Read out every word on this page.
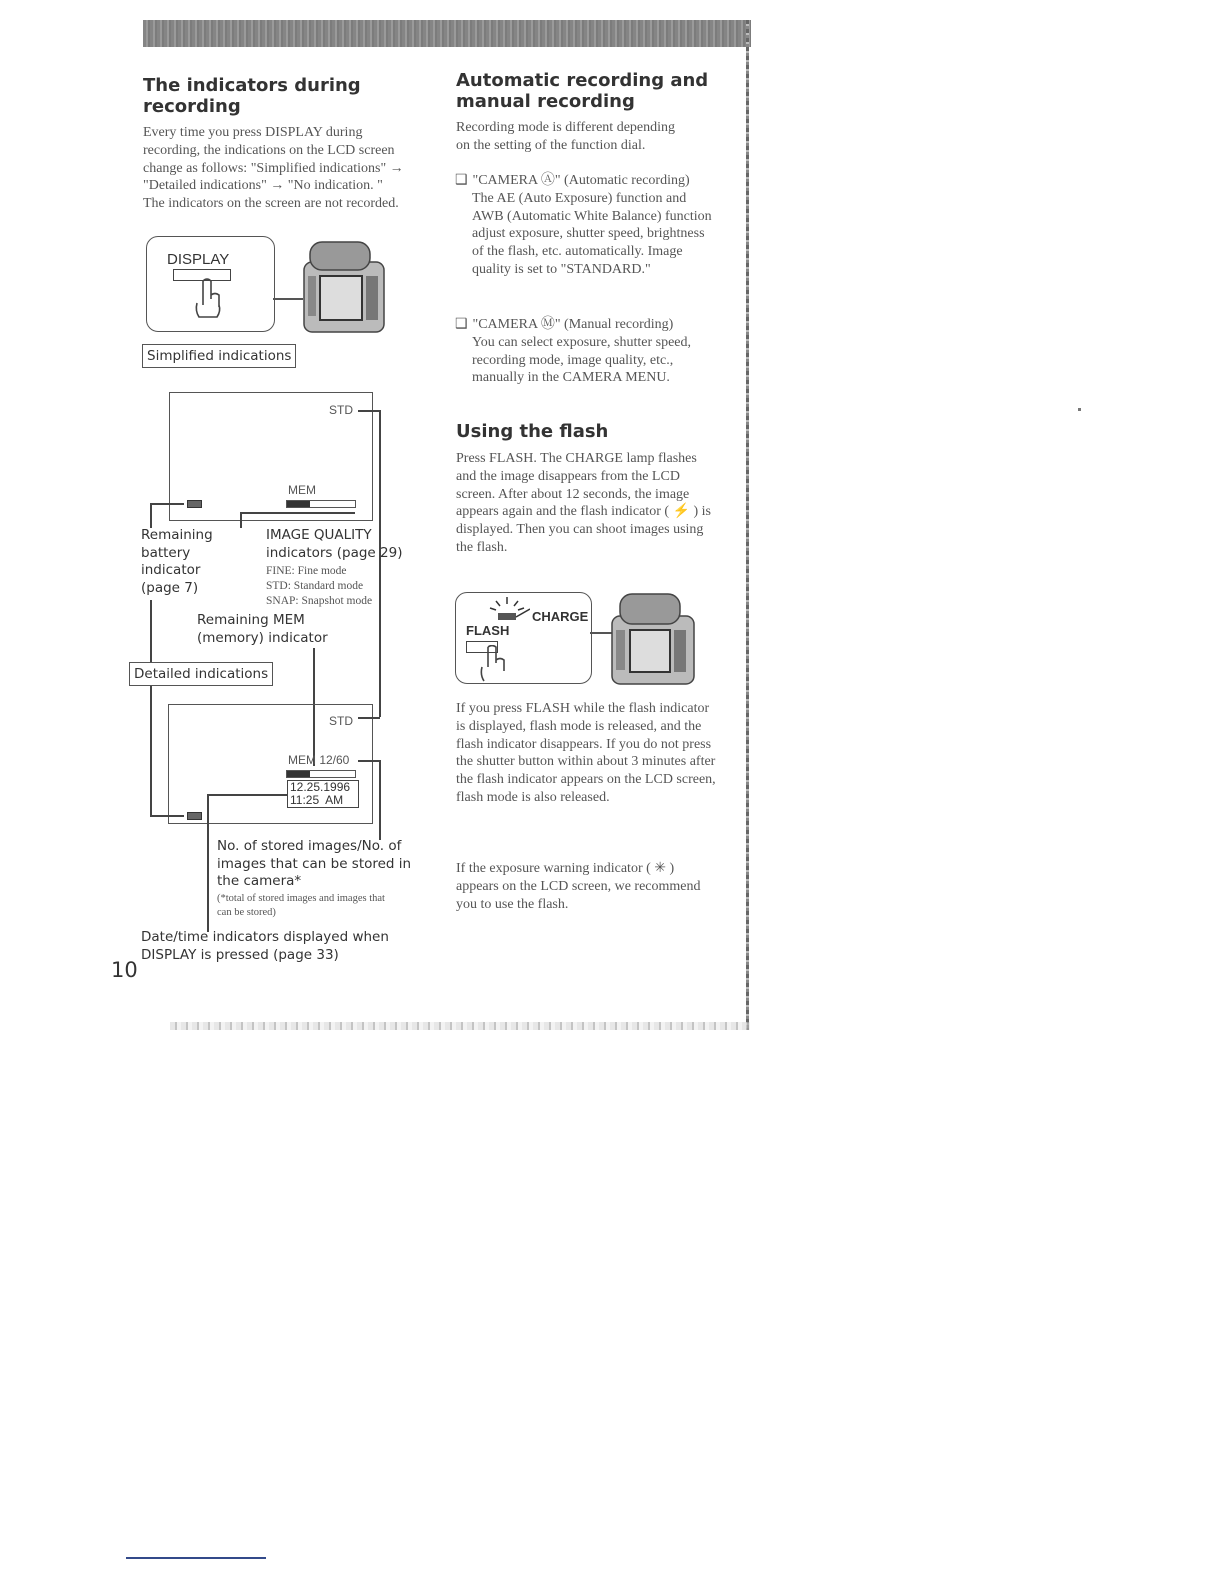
The indicators during recording
Every time you press DISPLAY during recording, the indications on the LCD screen change as follows: "Simplified indications" → "Detailed indications" → "No indication. " The indicators on the screen are not recorded.
DISPLAY
Simplified indications
STD
MEM
Remaining battery indicator (page 7)
IMAGE QUALITY indicators (page 29)
FINE: Fine mode
STD: Standard mode
SNAP: Snapshot mode
Remaining MEM (memory) indicator
Detailed indications
STD
MEM 12/60
12.25.1996
11:25  AM
No. of stored images/No. of images that can be stored in the camera*
(*total of stored images and images that can be stored)
Date/time indicators displayed when DISPLAY is pressed (page 33)
10
Automatic recording and manual recording
Recording mode is different depending on the setting of the function dial.
❑ "CAMERA Ⓐ" (Automatic recording)
The AE (Auto Exposure) function and AWB (Automatic White Balance) function adjust exposure, shutter speed, brightness of the flash, etc. automatically. Image quality is set to "STANDARD."
❑ "CAMERA Ⓜ" (Manual recording)
You can select exposure, shutter speed, recording mode, image quality, etc., manually in the CAMERA MENU.
Using the flash
Press FLASH. The CHARGE lamp flashes and the image disappears from the LCD screen. After about 12 seconds, the image appears again and the flash indicator ( ⚡ ) is displayed. Then you can shoot images using the flash.
FLASH
CHARGE
If you press FLASH while the flash indicator is displayed, flash mode is released, and the flash indicator disappears. If you do not press the shutter button within about 3 minutes after the flash indicator appears on the LCD screen, flash mode is also released.
If the exposure warning indicator ( ✳ ) appears on the LCD screen, we recommend you to use the flash.
